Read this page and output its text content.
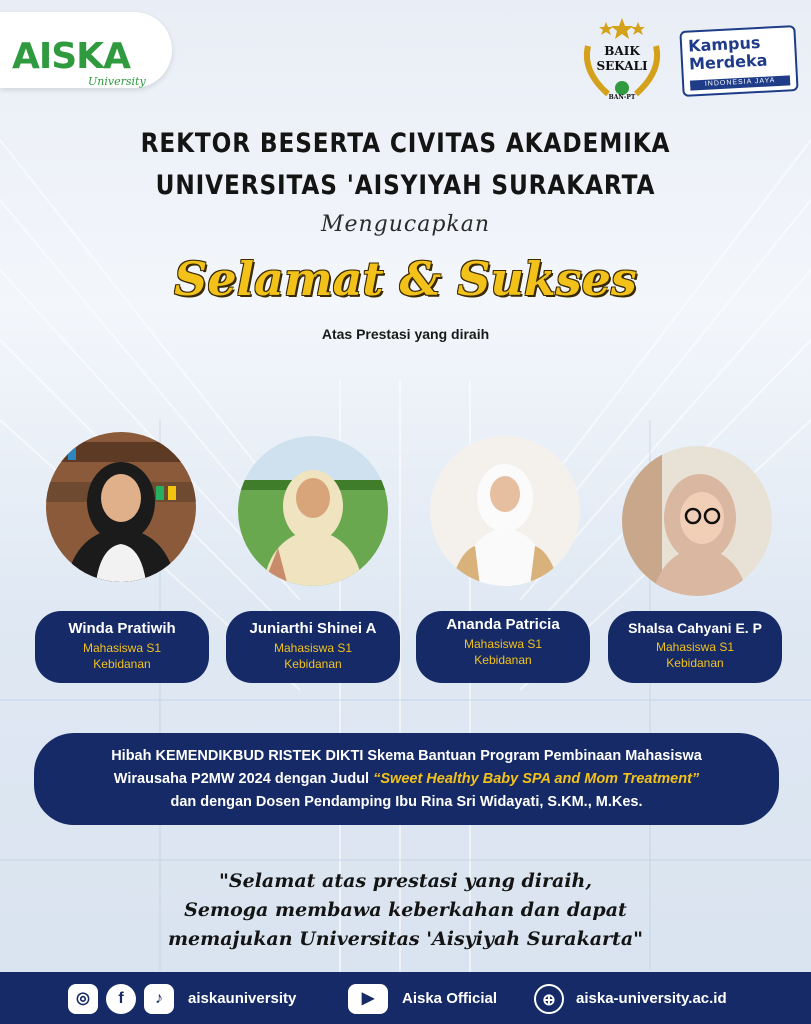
AISKA
University
BAIK
SEKALI
BAN-PT
Kampus
Merdeka
INDONESIA JAYA
REKTOR BESERTA CIVITAS AKADEMIKA
UNIVERSITAS 'AISYIYAH SURAKARTA
Mengucapkan
Selamat & Sukses
Atas Prestasi yang diraih
Winda Pratiwih
Mahasiswa S1
Kebidanan
Juniarthi Shinei A
Mahasiswa S1
Kebidanan
Ananda Patricia
Mahasiswa S1
Kebidanan
Shalsa Cahyani E. P
Mahasiswa S1
Kebidanan
Hibah KEMENDIKBUD RISTEK DIKTI Skema Bantuan Program Pembinaan Mahasiswa
Wirausaha P2MW 2024 dengan Judul “Sweet Healthy Baby SPA and Mom Treatment”
dan dengan Dosen Pendamping Ibu Rina Sri Widayati, S.KM., M.Kes.
"Selamat atas prestasi yang diraih,
Semoga membawa keberkahan dan dapat
memajukan Universitas 'Aisyiyah Surakarta"
◎	f	♪	aiskauniversity	▶	Aiska Official	⊕	aiska-university.ac.id
